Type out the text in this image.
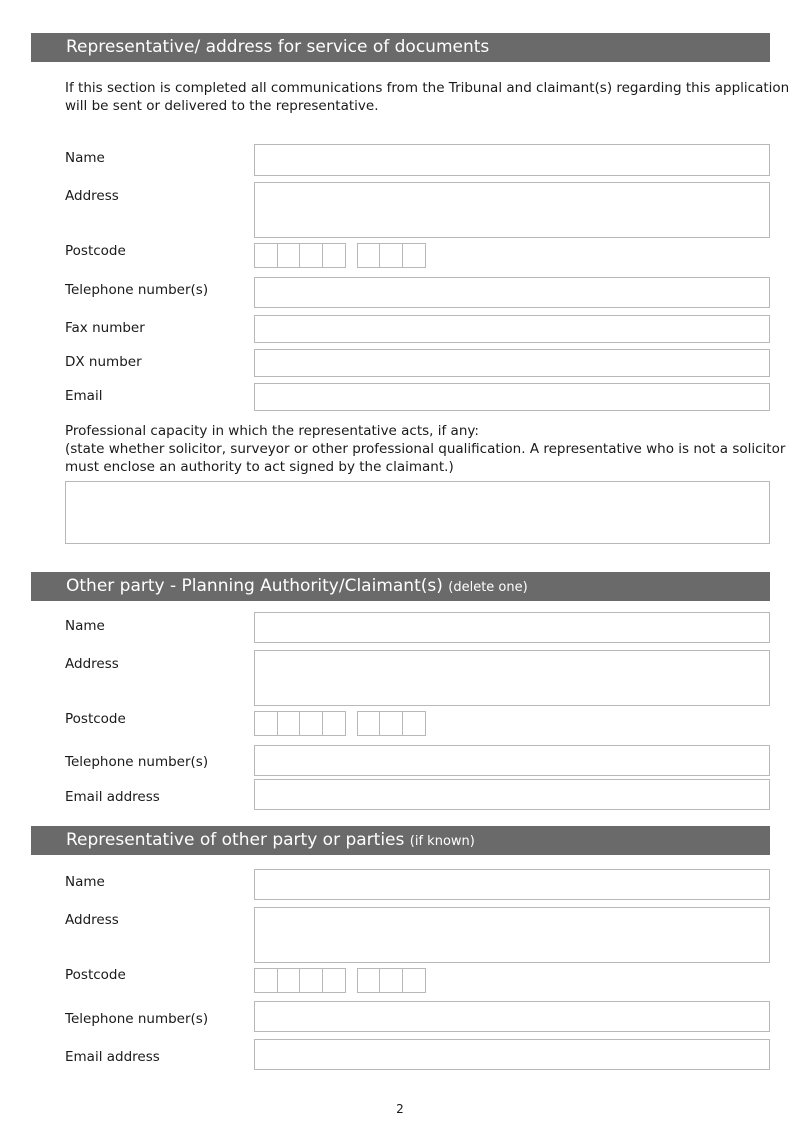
Representative/ address for service of documents
If this section is completed all communications from the Tribunal and claimant(s) regarding this application
will be sent or delivered to the representative.
Name
Address
Postcode
Telephone number(s)
Fax number
DX number
Email
Professional capacity in which the representative acts, if any:
(state whether solicitor, surveyor or other professional qualification. A representative who is not a solicitor
must enclose an authority to act signed by the claimant.)
Other party - Planning Authority/Claimant(s) (delete one)
Name
Address
Postcode
Telephone number(s)
Email address
Representative of other party or parties (if known)
Name
Address
Postcode
Telephone number(s)
Email address
2
